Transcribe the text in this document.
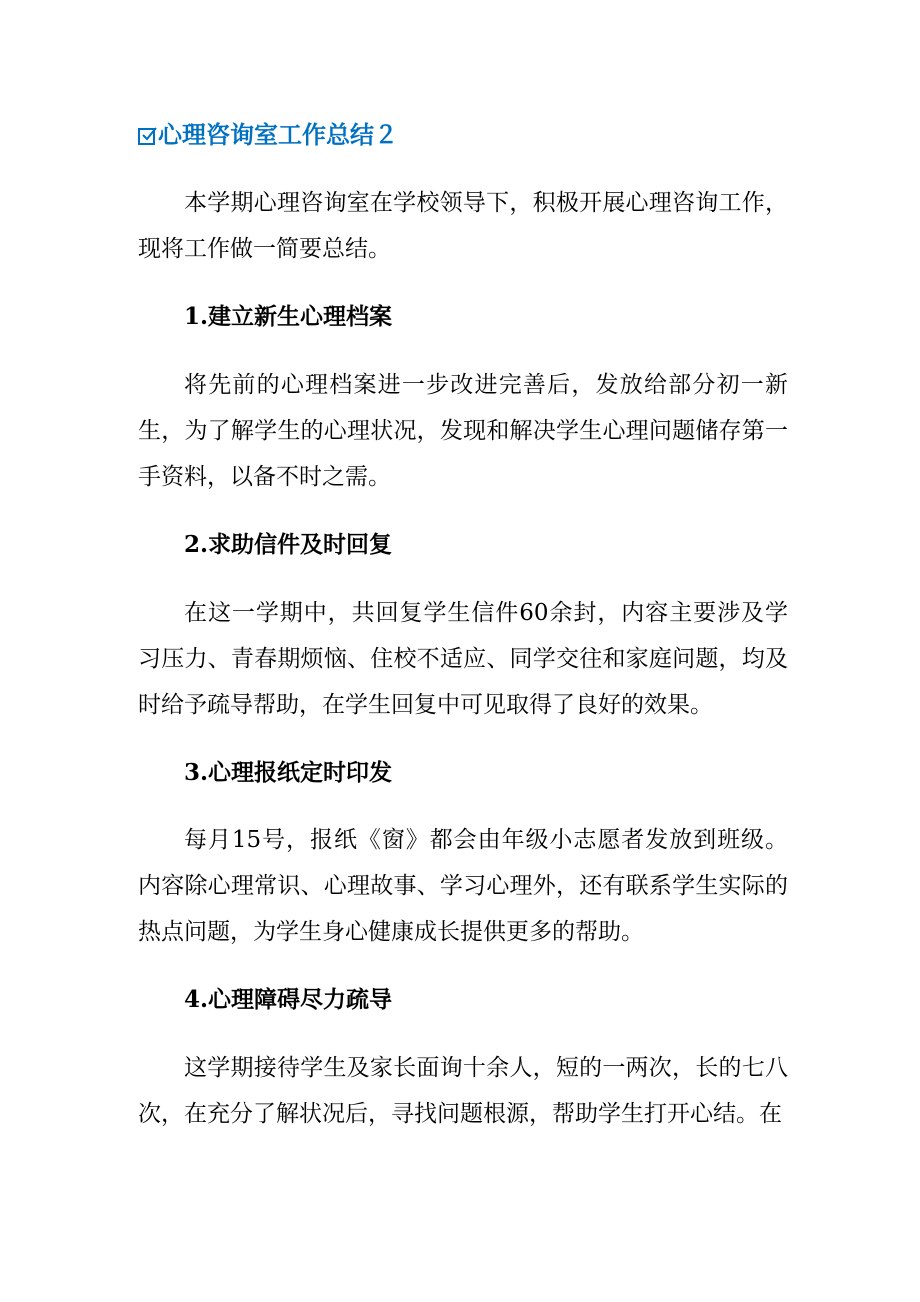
心理咨询室工作总结２

本学期心理咨询室在学校领导下，积极开展心理咨询工作，现将工作做一简要总结。

1.建立新生心理档案

将先前的心理档案进一步改进完善后，发放给部分初一新生，为了解学生的心理状况，发现和解决学生心理问题储存第一手资料，以备不时之需。

2.求助信件及时回复

在这一学期中，共回复学生信件60余封，内容主要涉及学习压力、青春期烦恼、住校不适应、同学交往和家庭问题，均及时给予疏导帮助，在学生回复中可见取得了良好的效果。

3.心理报纸定时印发

每月15号，报纸《窗》都会由年级小志愿者发放到班级。内容除心理常识、心理故事、学习心理外，还有联系学生实际的热点问题，为学生身心健康成长提供更多的帮助。

4.心理障碍尽力疏导

这学期接待学生及家长面询十余人，短的一两次，长的七八次，在充分了解状况后，寻找问题根源，帮助学生打开心结。在
